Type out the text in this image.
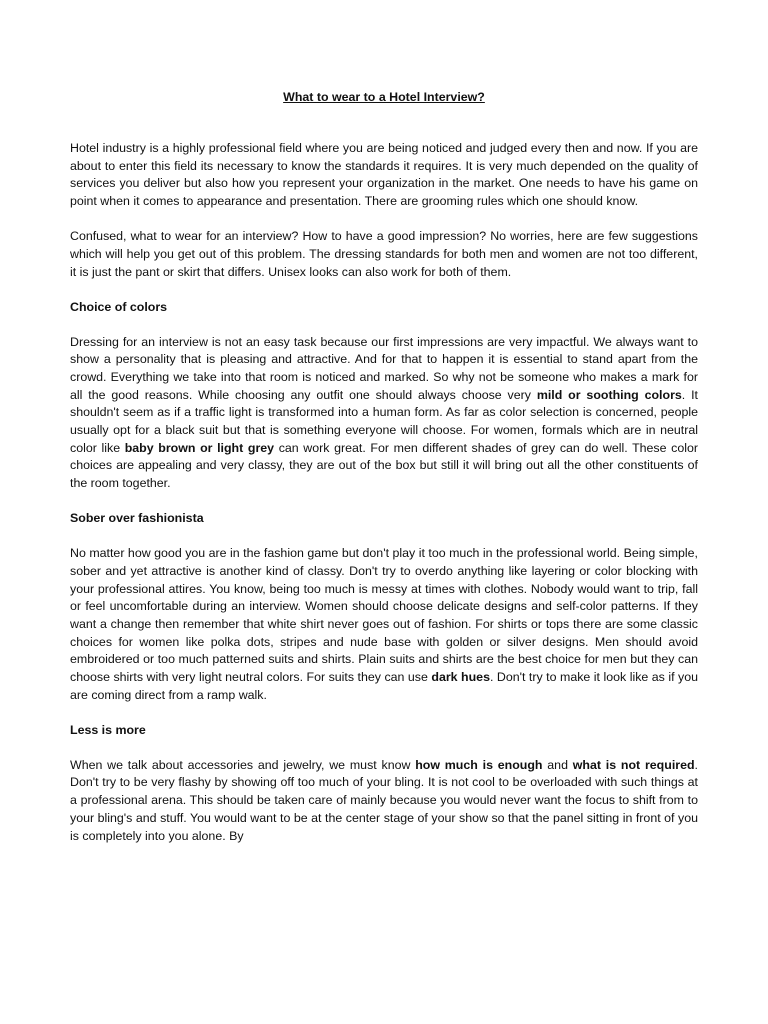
What to wear to a Hotel Interview?

Hotel industry is a highly professional field where you are being noticed and judged every then and now. If you are about to enter this field its necessary to know the standards it requires. It is very much depended on the quality of services you deliver but also how you represent your organization in the market. One needs to have his game on point when it comes to appearance and presentation. There are grooming rules which one should know.

Confused, what to wear for an interview? How to have a good impression? No worries, here are few suggestions which will help you get out of this problem. The dressing standards for both men and women are not too different, it is just the pant or skirt that differs. Unisex looks can also work for both of them.

Choice of colors

Dressing for an interview is not an easy task because our first impressions are very impactful. We always want to show a personality that is pleasing and attractive. And for that to happen it is essential to stand apart from the crowd. Everything we take into that room is noticed and marked. So why not be someone who makes a mark for all the good reasons. While choosing any outfit one should always choose very mild or soothing colors. It shouldn't seem as if a traffic light is transformed into a human form. As far as color selection is concerned, people usually opt for a black suit but that is something everyone will choose. For women, formals which are in neutral color like baby brown or light grey can work great. For men different shades of grey can do well. These color choices are appealing and very classy, they are out of the box but still it will bring out all the other constituents of the room together.

Sober over fashionista

No matter how good you are in the fashion game but don't play it too much in the professional world. Being simple, sober and yet attractive is another kind of classy. Don't try to overdo anything like layering or color blocking with your professional attires. You know, being too much is messy at times with clothes. Nobody would want to trip, fall or feel uncomfortable during an interview. Women should choose delicate designs and self-color patterns. If they want a change then remember that white shirt never goes out of fashion. For shirts or tops there are some classic choices for women like polka dots, stripes and nude base with golden or silver designs. Men should avoid embroidered or too much patterned suits and shirts. Plain suits and shirts are the best choice for men but they can choose shirts with very light neutral colors. For suits they can use dark hues. Don't try to make it look like as if you are coming direct from a ramp walk.

Less is more

When we talk about accessories and jewelry, we must know how much is enough and what is not required. Don't try to be very flashy by showing off too much of your bling. It is not cool to be overloaded with such things at a professional arena. This should be taken care of mainly because you would never want the focus to shift from to your bling's and stuff. You would want to be at the center stage of your show so that the panel sitting in front of you is completely into you alone. By
